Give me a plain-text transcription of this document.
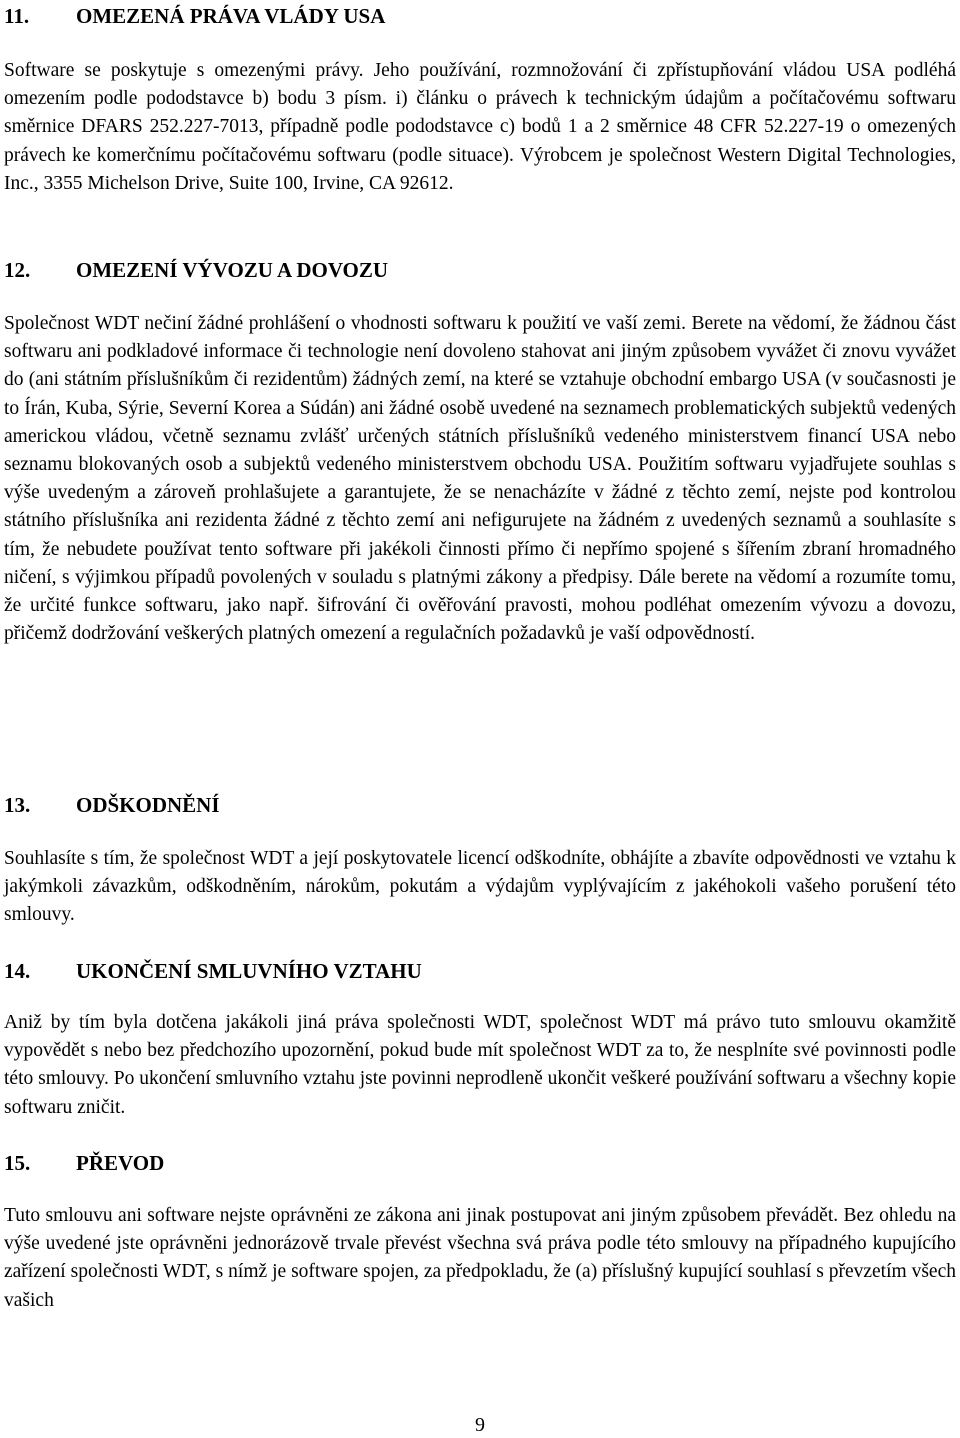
11.	OMEZENÁ PRÁVA VLÁDY USA

Software se poskytuje s omezenými právy. Jeho používání, rozmnožování či zpřístupňování vládou USA podléhá omezením podle pododstavce b) bodu 3 písm. i) článku o právech k technickým údajům a počítačovému softwaru směrnice DFARS 252.227-7013, případně podle pododstavce c) bodů 1 a 2 směrnice 48 CFR 52.227-19 o omezených právech ke komerčnímu počítačovému softwaru (podle situace). Výrobcem je společnost Western Digital Technologies, Inc., 3355 Michelson Drive, Suite 100, Irvine, CA 92612.

12.	OMEZENÍ VÝVOZU A DOVOZU

Společnost WDT nečiní žádné prohlášení o vhodnosti softwaru k použití ve vaší zemi. Berete na vědomí, že žádnou část softwaru ani podkladové informace či technologie není dovoleno stahovat ani jiným způsobem vyvážet či znovu vyvážet do (ani státním příslušníkům či rezidentům) žádných zemí, na které se vztahuje obchodní embargo USA (v současnosti je to Írán, Kuba, Sýrie, Severní Korea a Súdán) ani žádné osobě uvedené na seznamech problematických subjektů vedených americkou vládou, včetně seznamu zvlášť určených státních příslušníků vedeného ministerstvem financí USA nebo seznamu blokovaných osob a subjektů vedeného ministerstvem obchodu USA. Použitím softwaru vyjadřujete souhlas s výše uvedeným a zároveň prohlašujete a garantujete, že se nenacházíte v žádné z těchto zemí, nejste pod kontrolou státního příslušníka ani rezidenta žádné z těchto zemí ani nefigurujete na žádném z uvedených seznamů a souhlasíte s tím, že nebudete používat tento software při jakékoli činnosti přímo či nepřímo spojené s šířením zbraní hromadného ničení, s výjimkou případů povolených v souladu s platnými zákony a předpisy. Dále berete na vědomí a rozumíte tomu, že určité funkce softwaru, jako např. šifrování či ověřování pravosti, mohou podléhat omezením vývozu a dovozu, přičemž dodržování veškerých platných omezení a regulačních požadavků je vaší odpovědností.

13.	ODŠKODNĚNÍ

Souhlasíte s tím, že společnost WDT a její poskytovatele licencí odškodníte, obhájíte a zbavíte odpovědnosti ve vztahu k jakýmkoli závazkům, odškodněním, nárokům, pokutám a výdajům vyplývajícím z jakéhokoli vašeho porušení této smlouvy.

14.	UKONČENÍ SMLUVNÍHO VZTAHU

Aniž by tím byla dotčena jakákoli jiná práva společnosti WDT, společnost WDT má právo tuto smlouvu okamžitě vypovědět s nebo bez předchozího upozornění, pokud bude mít společnost WDT za to, že nesplníte své povinnosti podle této smlouvy. Po ukončení smluvního vztahu jste povinni neprodleně ukončit veškeré používání softwaru a všechny kopie softwaru zničit.

15.	PŘEVOD

Tuto smlouvu ani software nejste oprávněni ze zákona ani jinak postupovat ani jiným způsobem převádět. Bez ohledu na výše uvedené jste oprávněni jednorázově trvale převést všechna svá práva podle této smlouvy na případného kupujícího zařízení společnosti WDT, s nímž je software spojen, za předpokladu, že (a) příslušný kupující souhlasí s převzetím všech vašich

9
